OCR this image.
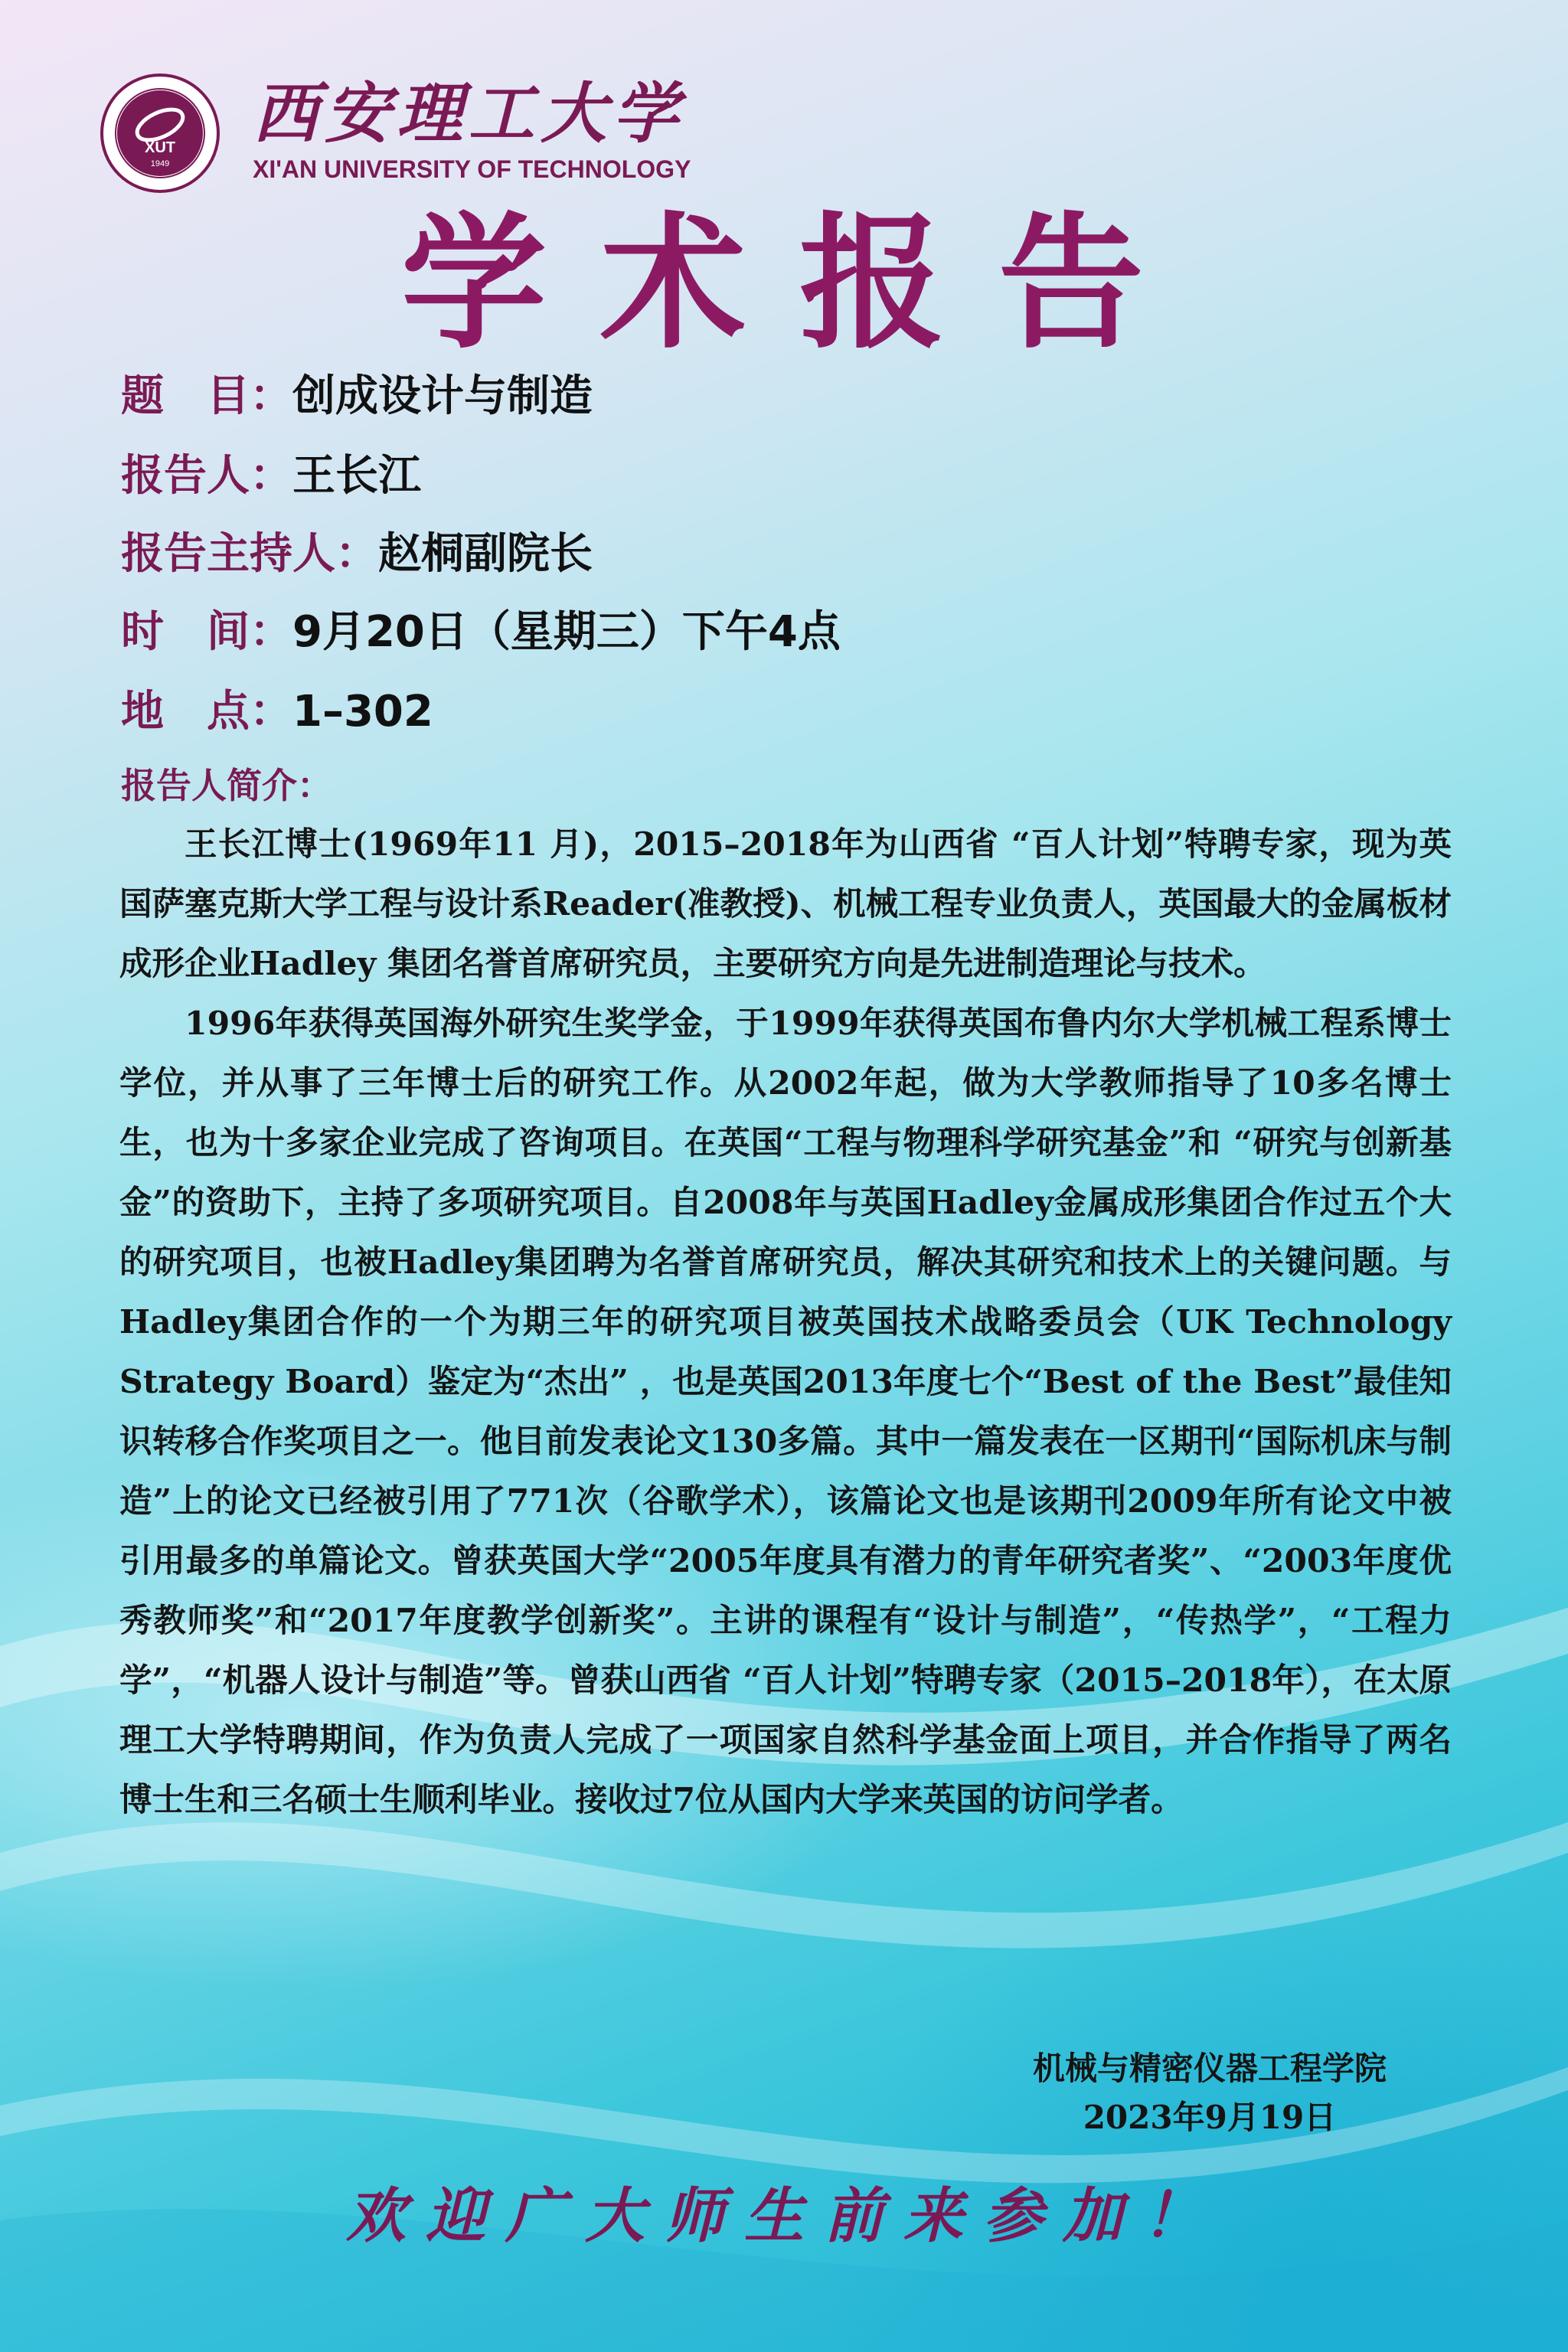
XUT
1949
西安理工大学
XI'AN UNIVERSITY OF TECHNOLOGY
学术报告
题　目：创成设计与制造
报告人：王长江
报告主持人：赵桐副院长
时　间：9月20日（星期三）下午4点
地　点：1–302
报告人简介：

王长江博士(1969年11 月)，2015–2018年为山西省 “百人计划”特聘专家，现为英国萨塞克斯大学工程与设计系Reader(准教授)、机械工程专业负责人，英国最大的金属板材成形企业Hadley 集团名誉首席研究员，主要研究方向是先进制造理论与技术。

1996年获得英国海外研究生奖学金，于1999年获得英国布鲁内尔大学机械工程系博士学位，并从事了三年博士后的研究工作。从2002年起，做为大学教师指导了10多名博士生，也为十多家企业完成了咨询项目。在英国“工程与物理科学研究基金”和 “研究与创新基金”的资助下，主持了多项研究项目。自2008年与英国Hadley金属成形集团合作过五个大的研究项目，也被Hadley集团聘为名誉首席研究员，解决其研究和技术上的关键问题。与Hadley集团合作的一个为期三年的研究项目被英国技术战略委员会（UK Technology Strategy Board）鉴定为“杰出” ，也是英国2013年度七个“Best of the Best”最佳知识转移合作奖项目之一。他目前发表论文130多篇。其中一篇发表在一区期刊“国际机床与制造”上的论文已经被引用了771次（谷歌学术），该篇论文也是该期刊2009年所有论文中被引用最多的单篇论文。曾获英国大学“2005年度具有潜力的青年研究者奖”、“2003年度优秀教师奖”和“2017年度教学创新奖”。主讲的课程有“设计与制造”，“传热学”，“工程力学”，“机器人设计与制造”等。曾获山西省 “百人计划”特聘专家（2015–2018年），在太原理工大学特聘期间，作为负责人完成了一项国家自然科学基金面上项目，并合作指导了两名博士生和三名硕士生顺利毕业。接收过7位从国内大学来英国的访问学者。

机械与精密仪器工程学院
2023年9月19日
欢迎广大师生前来参加！
